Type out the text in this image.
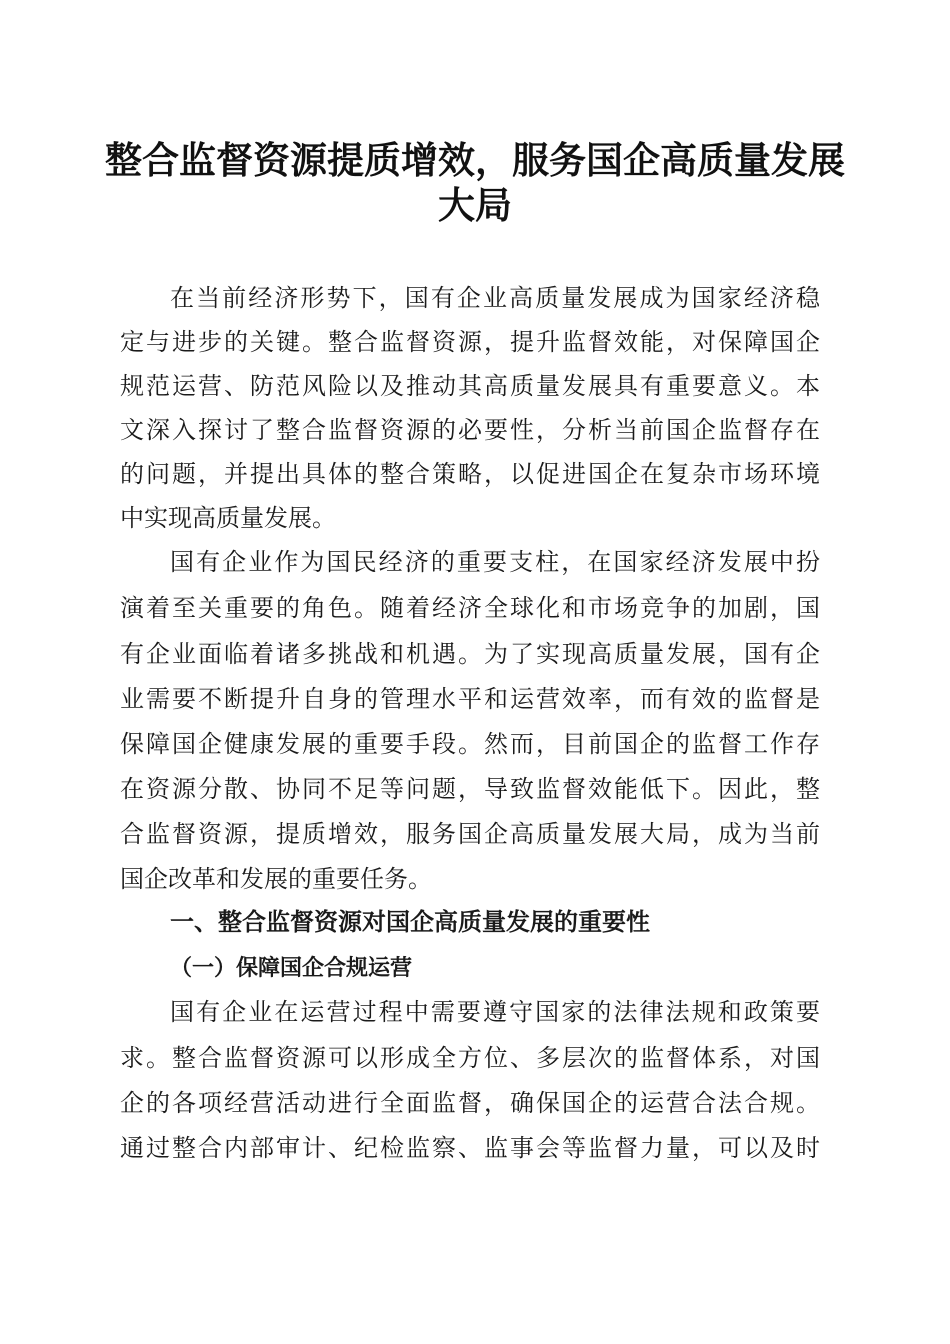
整合监督资源提质增效，服务国企高质量发展
大局

在当前经济形势下，国有企业高质量发展成为国家经济稳

定与进步的关键。整合监督资源，提升监督效能，对保障国企

规范运营、防范风险以及推动其高质量发展具有重要意义。本

文深入探讨了整合监督资源的必要性，分析当前国企监督存在

的问题，并提出具体的整合策略，以促进国企在复杂市场环境

中实现高质量发展。

国有企业作为国民经济的重要支柱，在国家经济发展中扮

演着至关重要的角色。随着经济全球化和市场竞争的加剧，国

有企业面临着诸多挑战和机遇。为了实现高质量发展，国有企

业需要不断提升自身的管理水平和运营效率，而有效的监督是

保障国企健康发展的重要手段。然而，目前国企的监督工作存

在资源分散、协同不足等问题，导致监督效能低下。因此，整

合监督资源，提质增效，服务国企高质量发展大局，成为当前

国企改革和发展的重要任务。

一、整合监督资源对国企高质量发展的重要性
（一）保障国企合规运营

国有企业在运营过程中需要遵守国家的法律法规和政策要

求。整合监督资源可以形成全方位、多层次的监督体系，对国

企的各项经营活动进行全面监督，确保国企的运营合法合规。

通过整合内部审计、纪检监察、监事会等监督力量，可以及时
